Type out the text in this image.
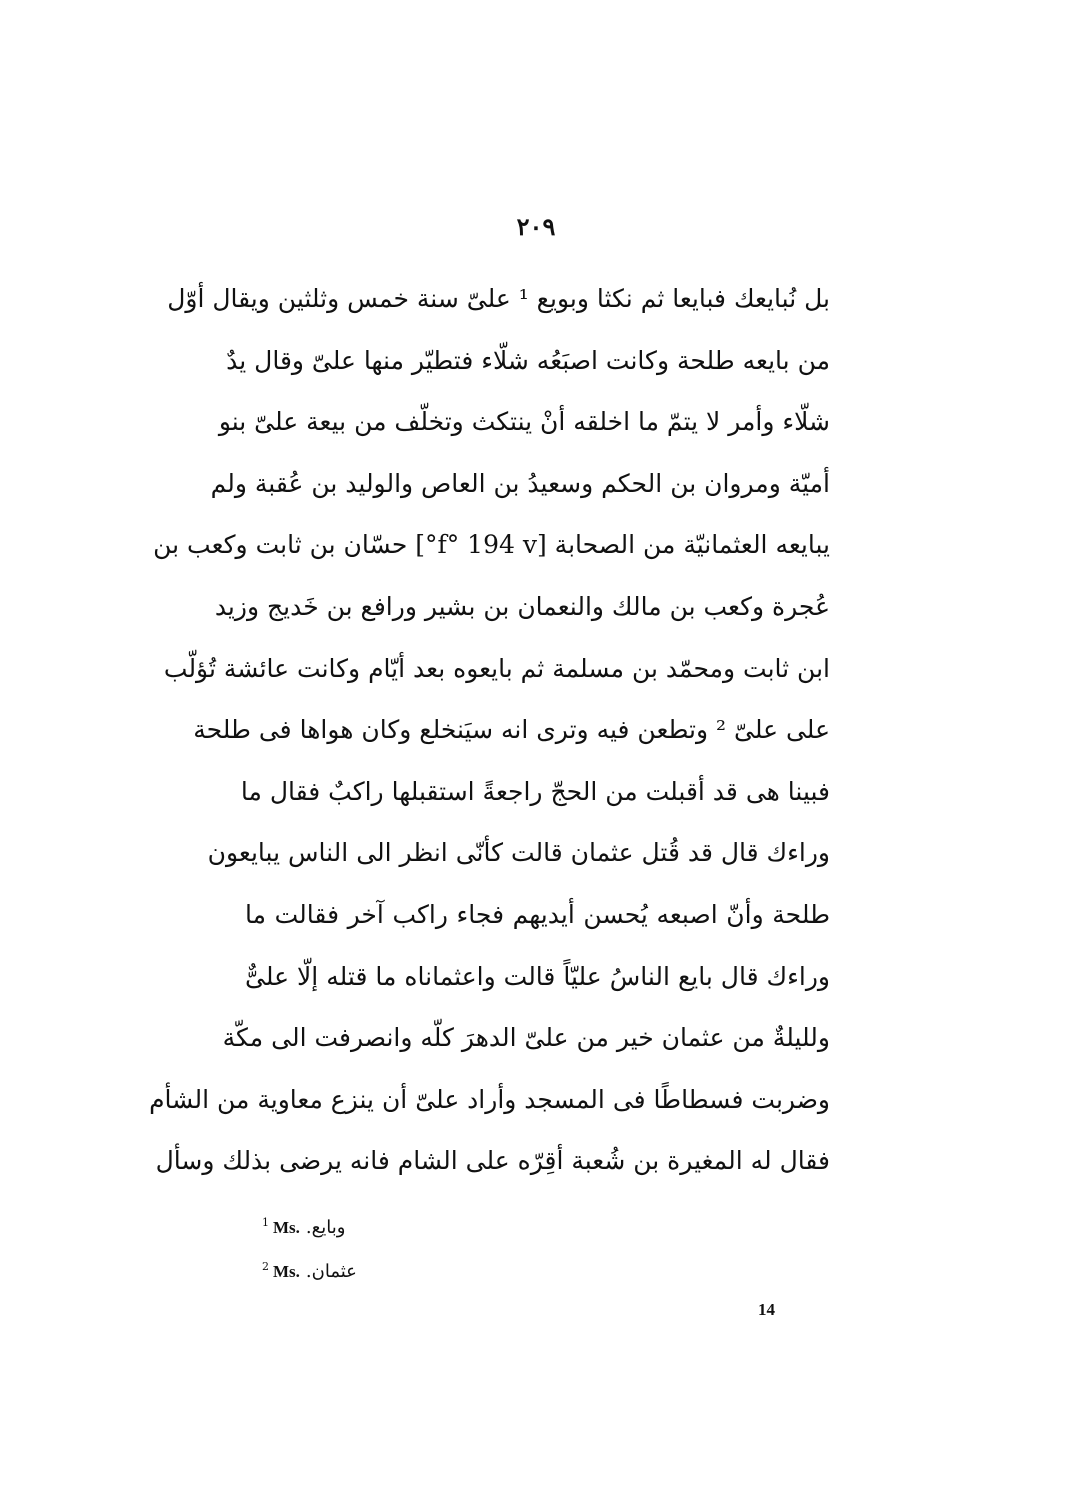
٢٠٩
بل نُبايعك فبايعا ثم نكثا وبويع ¹ علىّ سنة خمس وثلثين ويقال أوّل
من بايعه طلحة وكانت اصبَعُه شلّاء فتطيّر منها علىّ وقال يدٌ
شلّاء وأمر لا يتمّ ما اخلقه أنْ ينتكث وتخلّف من بيعة علىّ بنو
أميّة ومروان بن الحكم وسعيدُ بن العاص والوليد بن عُقبة ولم
يبايعه العثمانيّة من الصحابة [f° 194 v°] حسّان بن ثابت وكعب بن
عُجرة وكعب بن مالك والنعمان بن بشير ورافع بن خَديج وزيد
ابن ثابت ومحمّد بن مسلمة ثم بايعوه بعد أيّام وكانت عائشة تُؤلّب
على علىّ ² وتطعن فيه وترى انه سيَنخلع وكان هواها فى طلحة
فبينا هى قد أقبلت من الحجّ راجعةً استقبلها راكبٌ فقال ما
وراءك قال قد قُتل عثمان قالت كأنّى انظر الى الناس يبايعون
طلحة وأنّ اصبعه يُحسن أيديهم فجاء راكب آخر فقالت ما
وراءك قال بايع الناسُ عليّاً قالت واعثماناه ما قتله إلّا علىٌّ
ولليلةٌ من عثمان خير من علىّ الدهرَ كلّه وانصرفت الى مكّة
وضربت فسطاطًا فى المسجد وأراد علىّ أن ينزع معاوية من الشأم
فقال له المغيرة بن شُعبة أقِرّه على الشام فانه يرضى بذلك وسأل
$^1$ Ms. وبايع.
$^2$ Ms. عثمان.
14
